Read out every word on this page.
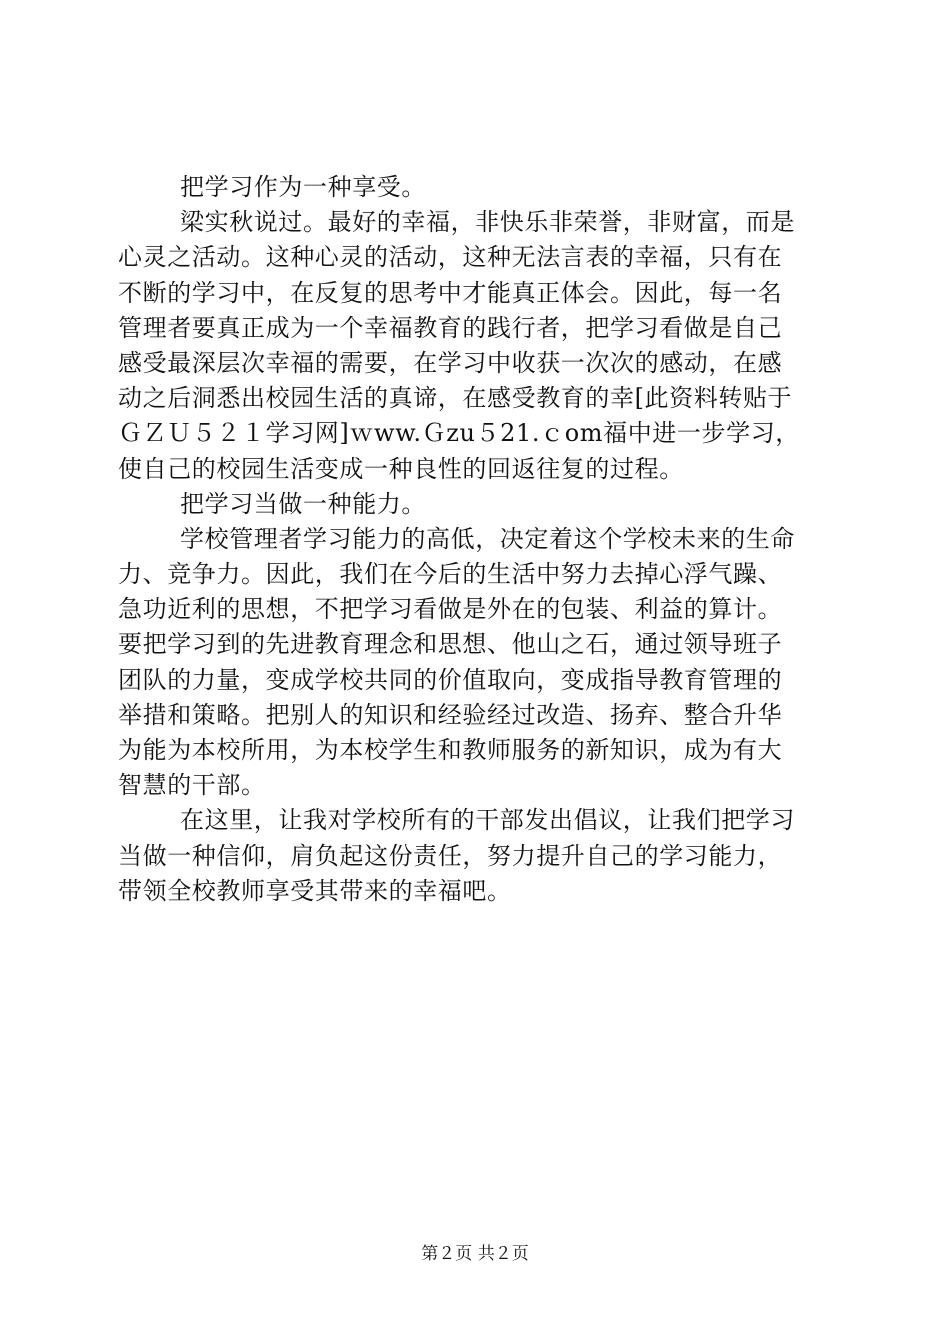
把学习作为一种享受。
梁实秋说过。最好的幸福，非快乐非荣誉，非财富，而是
心灵之活动。这种心灵的活动，这种无法言表的幸福，只有在
不断的学习中，在反复的思考中才能真正体会。因此，每一名
管理者要真正成为一个幸福教育的践行者，把学习看做是自己
感受最深层次幸福的需要，在学习中收获一次次的感动，在感
动之后洞悉出校园生活的真谛，在感受教育的幸[此资料转贴于
ＧＺＵ５２１学习网]ｗww.Ｇzu５21.ｃom福中进一步学习，
使自己的校园生活变成一种良性的回返往复的过程。
把学习当做一种能力。
学校管理者学习能力的高低，决定着这个学校未来的生命
力、竞争力。因此，我们在今后的生活中努力去掉心浮气躁、
急功近利的思想，不把学习看做是外在的包装、利益的算计。
要把学习到的先进教育理念和思想、他山之石，通过领导班子
团队的力量，变成学校共同的价值取向，变成指导教育管理的
举措和策略。把别人的知识和经验经过改造、扬弃、整合升华
为能为本校所用，为本校学生和教师服务的新知识，成为有大
智慧的干部。
在这里，让我对学校所有的干部发出倡议，让我们把学习
当做一种信仰，肩负起这份责任，努力提升自己的学习能力，
带领全校教师享受其带来的幸福吧。
第２页 共２页
